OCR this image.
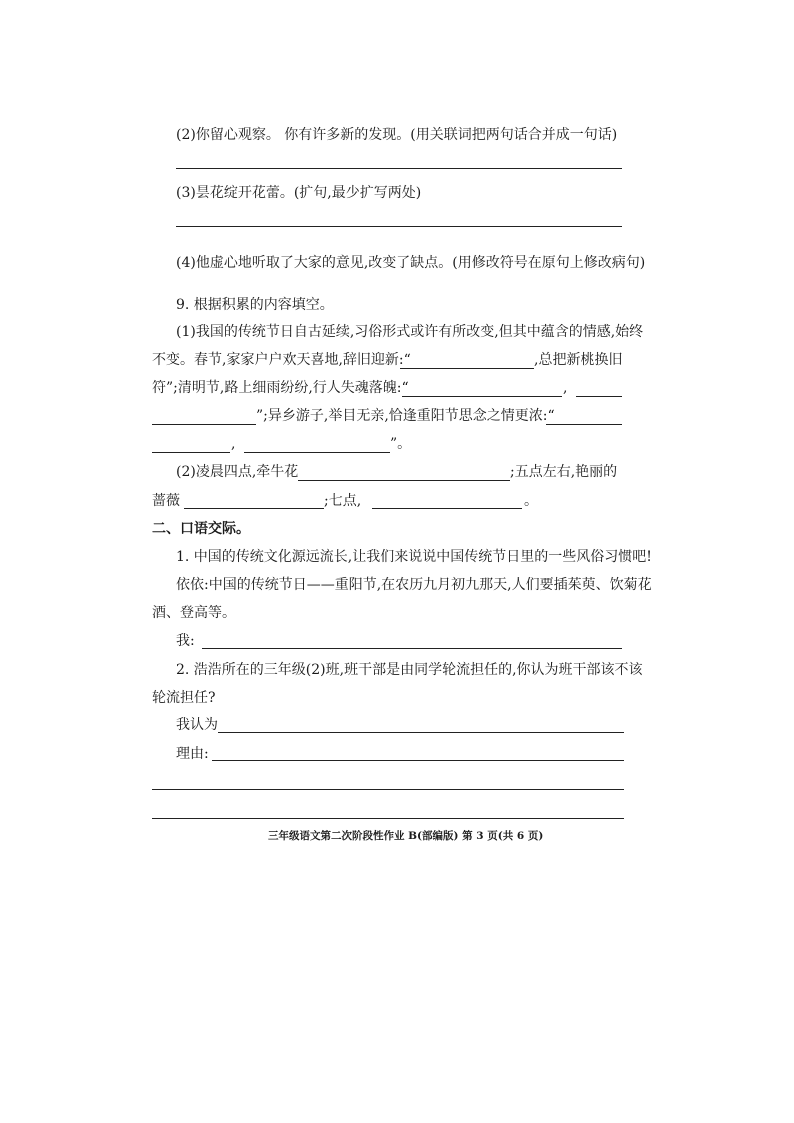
(2)你留心观察。 你有许多新的发现。(用关联词把两句话合并成一句话)
(3)昙花绽开花蕾。(扩句,最少扩写两处)
(4)他虚心地听取了大家的意见,改变了缺点。(用修改符号在原句上修改病句)
9. 根据积累的内容填空。
(1)我国的传统节日自古延续,习俗形式或许有所改变,但其中蕴含的情感,始终
不变。春节,家家户户欢天喜地,辞旧迎新:“	,总把新桃换旧
符”;清明节,路上细雨纷纷,行人失魂落魄:“	,
”;异乡游子,举目无亲,恰逢重阳节思念之情更浓:“
,	”。
(2)凌晨四点,牵牛花	;五点左右,艳丽的
蔷薇	;七点,	。
二、口语交际。
1. 中国的传统文化源远流长,让我们来说说中国传统节日里的一些风俗习惯吧!
依依:中国的传统节日——重阳节,在农历九月初九那天,人们要插茱萸、饮菊花
酒、登高等。
我:
2. 浩浩所在的三年级(2)班,班干部是由同学轮流担任的,你认为班干部该不该
轮流担任?
我认为
理由:
三年级语文第二次阶段性作业 B(部编版) 第 3 页(共 6 页)
